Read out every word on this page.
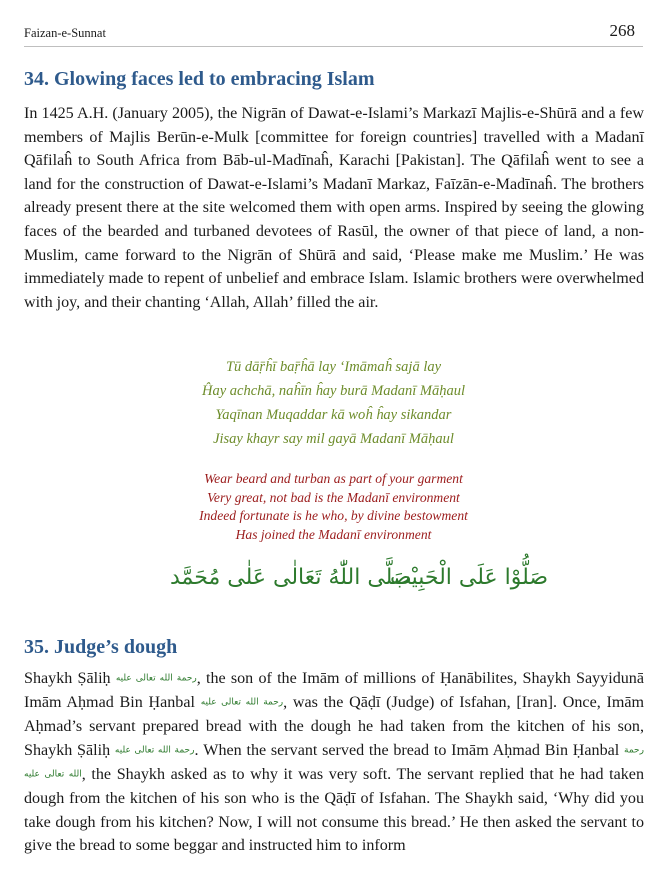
Faizan-e-Sunnat	268
34. Glowing faces led to embracing Islam

In 1425 A.H. (January 2005), the Nigrān of Dawat-e-Islami’s Markazī Majlis-e-Shūrā and a few members of Majlis Berūn-e-Mulk [committee for foreign countries] travelled with a Madanī Qāfilaĥ to South Africa from Bāb-ul-Madīnaĥ, Karachi [Pakistan]. The Qāfilaĥ went to see a land for the construction of Dawat-e-Islami’s Madanī Markaz, Faīzān-e-Madīnaĥ. The brothers already present there at the site welcomed them with open arms. Inspired by seeing the glowing faces of the bearded and turbaned devotees of Rasūl, the owner of that piece of land, a non-Muslim, came forward to the Nigrān of Shūrā and said, ‘Please make me Muslim.’ He was immediately made to repent of unbelief and embrace Islam. Islamic brothers were overwhelmed with joy, and their chanting ‘Allah, Allah’ filled the air.

Tū dāṝĥī baṝĥā lay ‘Imāmaĥ sajā lay
Ĥay achchā, naĥīn ĥay burā Madanī Māḥaul
Yaqīnan Muqaddar kā woĥ ĥay sikandar
Jisay khayr say mil gayā Madanī Māḥaul
Wear beard and turban as part of your garment
Very great, not bad is the Madanī environment
Indeed fortunate is he who, by divine bestowment
Has joined the Madanī environment
صَلَّى اللّٰهُ تَعَالٰى عَلٰى مُحَمَّد
صَلُّوْا عَلَى الْحَبِيْب
35. Judge’s dough

Shaykh Ṣāliḥ رحمة الله تعالى عليه, the son of the Imām of millions of Ḥanābilites, Shaykh Sayyidunā Imām Aḥmad Bin Ḥanbal رحمة الله تعالى عليه, was the Qāḍī (Judge) of Isfahan, [Iran]. Once, Imām Aḥmad’s servant prepared bread with the dough he had taken from the kitchen of his son, Shaykh Ṣāliḥ رحمة الله تعالى عليه. When the servant served the bread to Imām Aḥmad Bin Ḥanbal رحمة الله تعالى عليه, the Shaykh asked as to why it was very soft. The servant replied that he had taken dough from the kitchen of his son who is the Qāḍī of Isfahan. The Shaykh said, ‘Why did you take dough from his kitchen? Now, I will not consume this bread.’ He then asked the servant to give the bread to some beggar and instructed him to inform
